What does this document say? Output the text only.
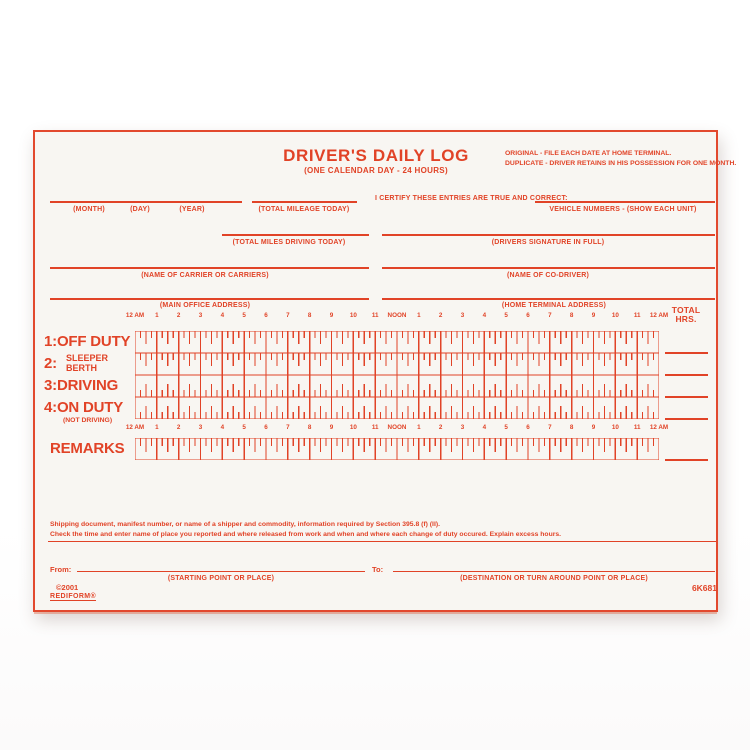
DRIVER'S DAILY LOG
(ONE CALENDAR DAY - 24 HOURS)
ORIGINAL - FILE EACH DATE AT HOME TERMINAL.
DUPLICATE - DRIVER RETAINS IN HIS POSSESSION FOR ONE MONTH.
I CERTIFY THESE ENTRIES ARE TRUE AND CORRECT:
(MONTH)	(DAY)	(YEAR)	(TOTAL MILEAGE TODAY)	VEHICLE NUMBERS - (SHOW EACH UNIT)
(TOTAL MILES DRIVING TODAY)	(DRIVERS SIGNATURE IN FULL)
(NAME OF CARRIER OR CARRIERS)	(NAME OF CO-DRIVER)
(MAIN OFFICE ADDRESS)	(HOME TERMINAL ADDRESS)
12 AM 1	2	3	4	5	6	7	8	9	10 11 NOON 1	2	3	4	5	6	7	8	9	10 11 12 AM
TOTAL
HRS.
1:OFF DUTY
2: SLEEPER
BERTH
3:DRIVING
4:ON DUTY
(NOT DRIVING)
12 AM 1	2	3	4	5	6	7	8	9	10 11 NOON 1	2	3	4	5	6	7	8	9	10 11 12 AM
REMARKS
Shipping document, manifest number, or name of a shipper and commodity, information required by Section 395.8 (f) (II).
Check the time and enter name of place you reported and where released from work and when and where each change of duty occured. Explain excess hours.
From:
(STARTING POINT OR PLACE)
To:
(DESTINATION OR TURN AROUND POINT OR PLACE)
©2001
REDIFORM®
6K681
